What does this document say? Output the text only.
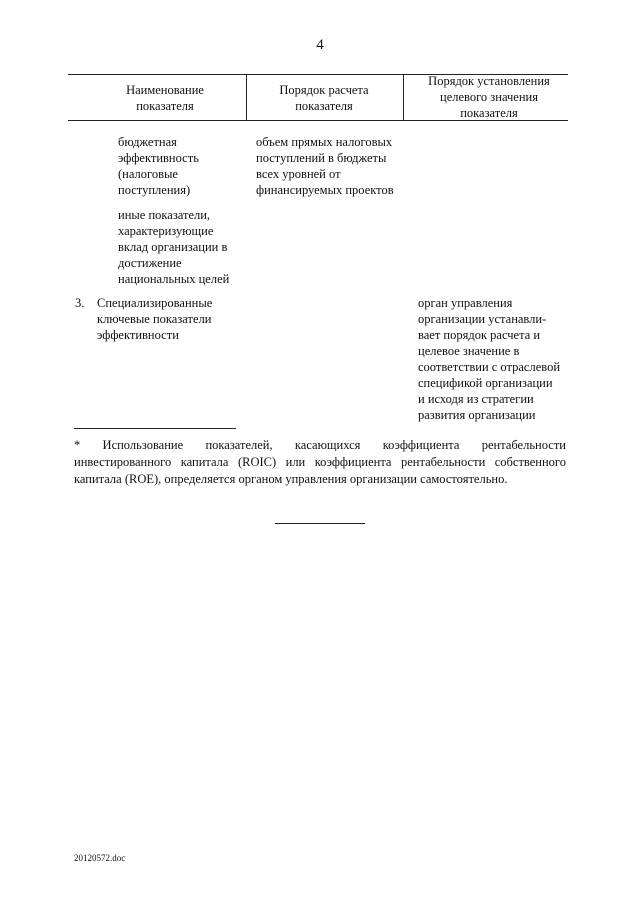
4
Наименование показателя
Порядок расчета показателя
Порядок установления целевого значения показателя
бюджетная
эффективность
(налоговые
поступления)
объем прямых налоговых
поступлений в бюджеты
всех уровней от
финансируемых проектов
иные показатели,
характеризующие
вклад организации в
достижение
национальных целей
3. Специализированные
ключевые показатели
эффективности
орган управления
организации устанавли-
вает порядок расчета и
целевое значение в
соответствии с отраслевой
спецификой организации
и исходя из стратегии
развития организации
* Использование показателей, касающихся коэффициента рентабельности инвестированного капитала (ROIC) или коэффициента рентабельности собственного капитала (ROE), определяется органом управления организации самостоятельно.
20120572.doc
